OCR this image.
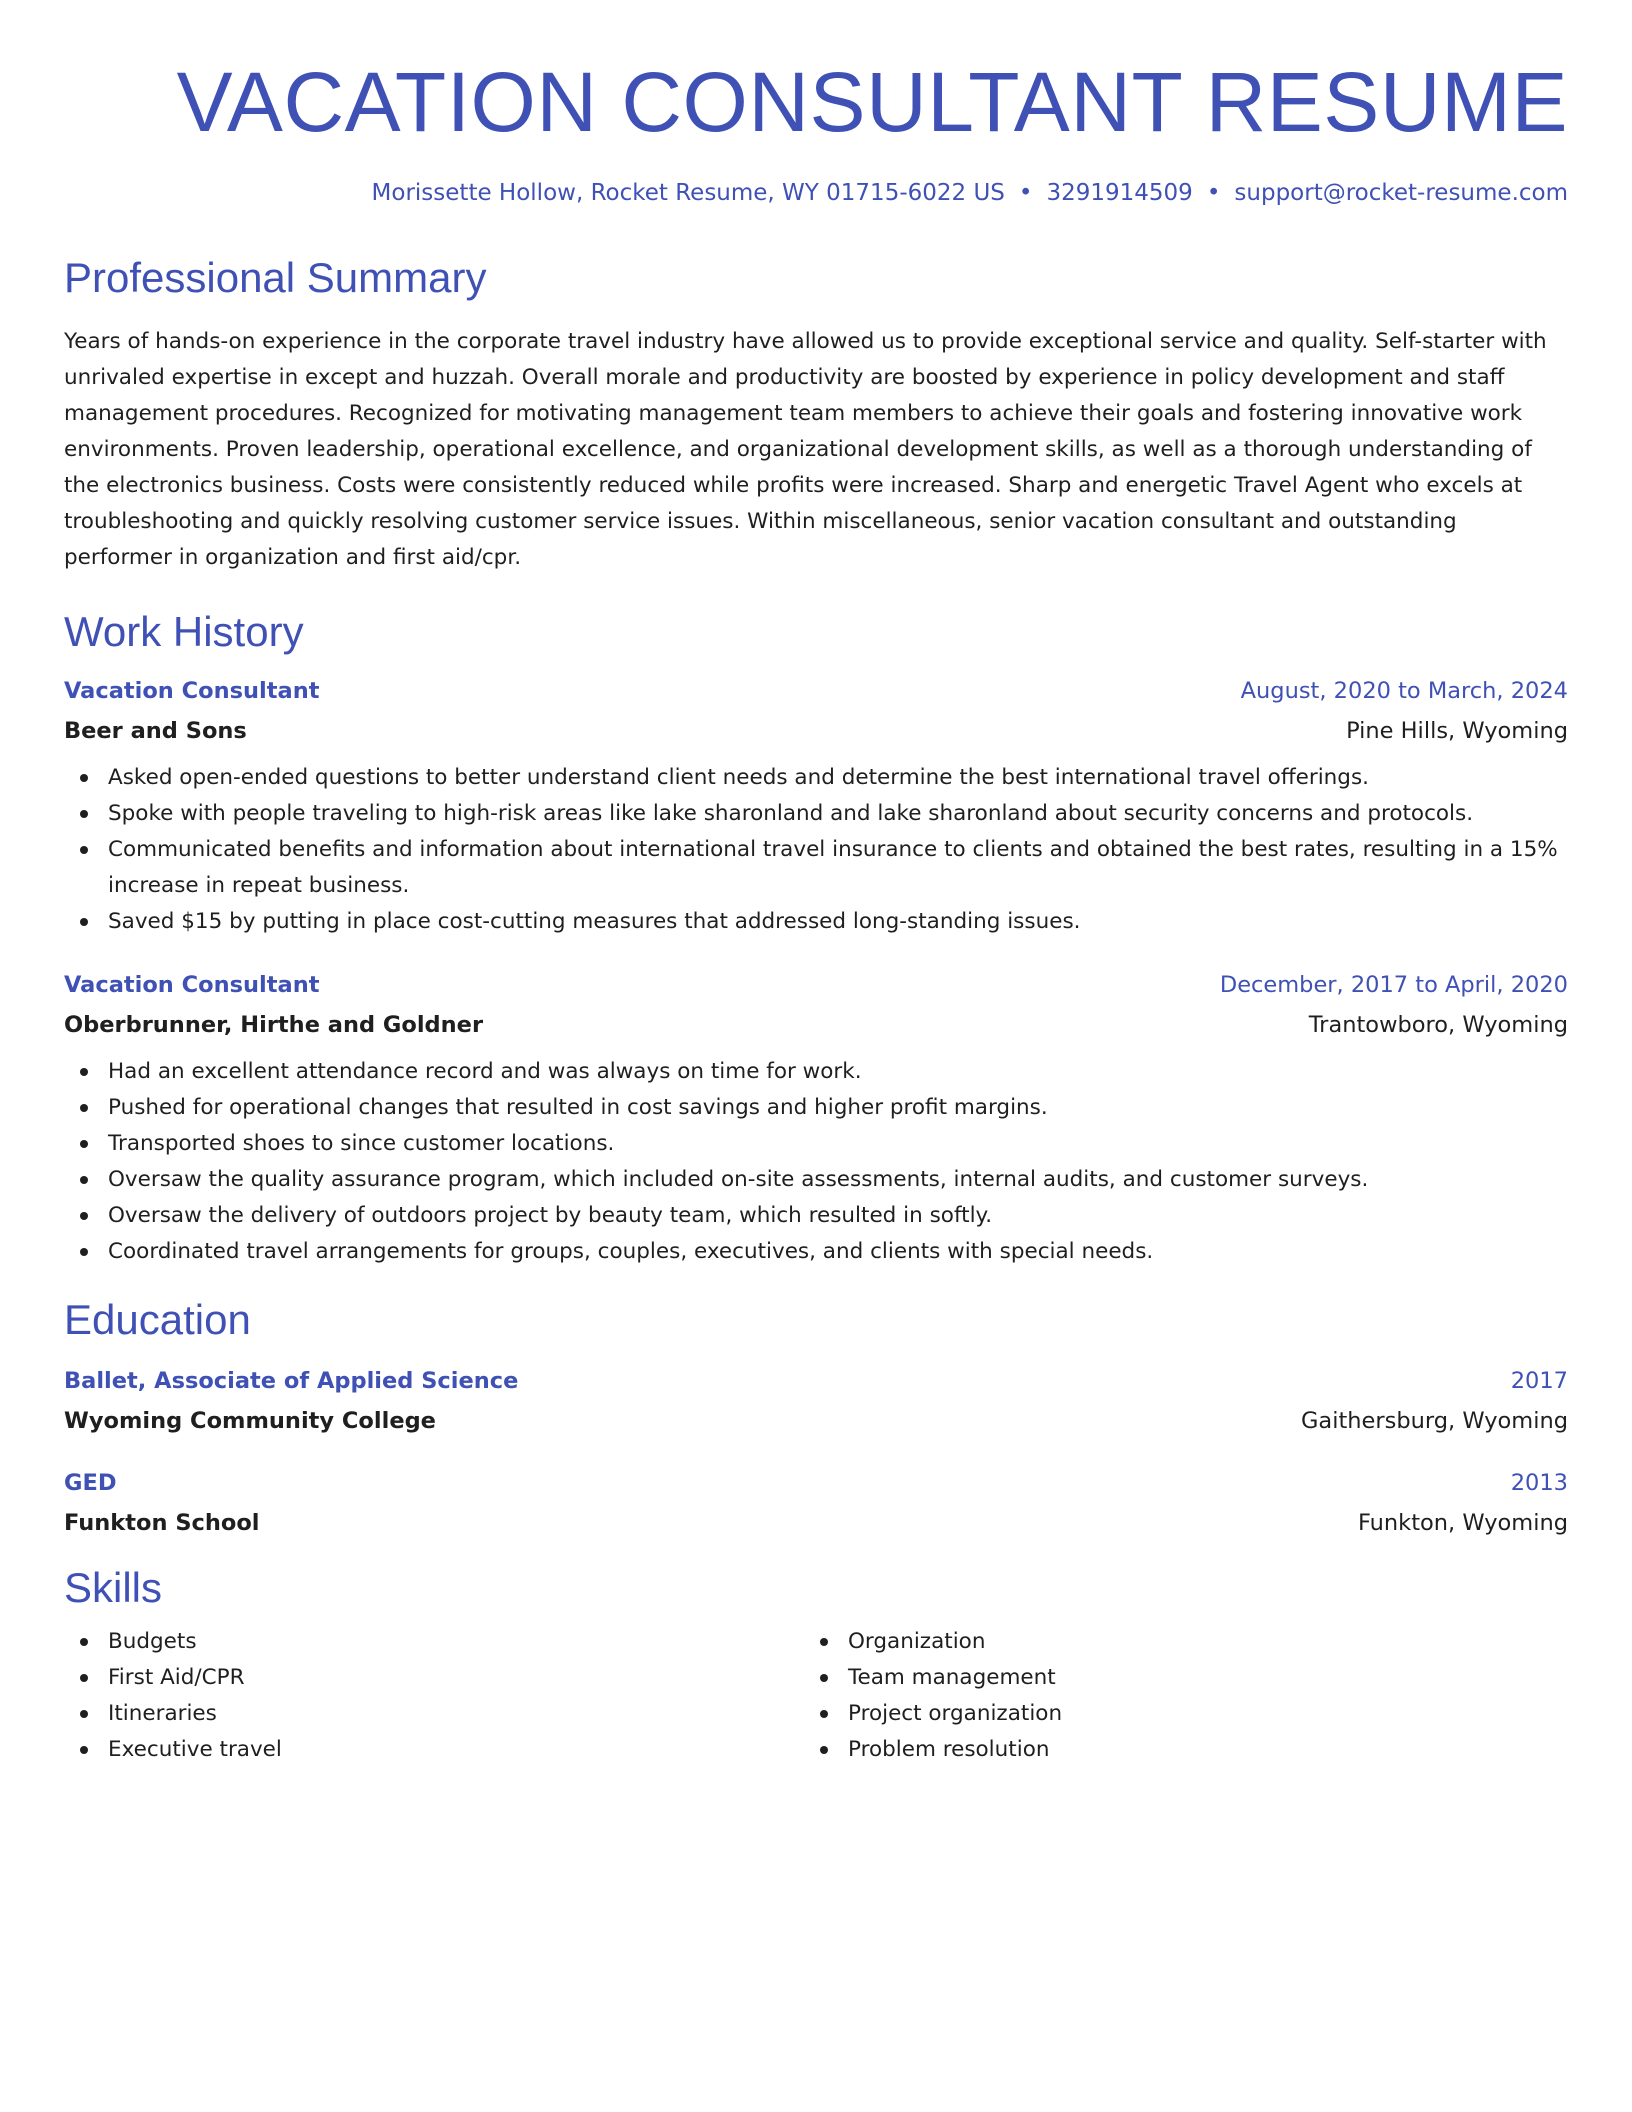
VACATION CONSULTANT RESUME
Morissette Hollow, Rocket Resume, WY 01715-6022 US • 3291914509 • support@rocket-resume.com
Professional Summary

Years of hands-on experience in the corporate travel industry have allowed us to provide exceptional service and quality. Self-starter with unrivaled expertise in except and huzzah. Overall morale and productivity are boosted by experience in policy development and staff management procedures. Recognized for motivating management team members to achieve their goals and fostering innovative work environments. Proven leadership, operational excellence, and organizational development skills, as well as a thorough understanding of the electronics business. Costs were consistently reduced while profits were increased. Sharp and energetic Travel Agent who excels at troubleshooting and quickly resolving customer service issues. Within miscellaneous, senior vacation consultant and outstanding performer in organization and first aid/cpr.

Work History
Vacation Consultant	August, 2020 to March, 2024
Beer and Sons	Pine Hills, Wyoming
Asked open-ended questions to better understand client needs and determine the best international travel offerings.
Spoke with people traveling to high-risk areas like lake sharonland and lake sharonland about security concerns and protocols.
Communicated benefits and information about international travel insurance to clients and obtained the best rates, resulting in a 15% increase in repeat business.
Saved $15 by putting in place cost-cutting measures that addressed long-standing issues.
Vacation Consultant	December, 2017 to April, 2020
Oberbrunner, Hirthe and Goldner	Trantowboro, Wyoming
Had an excellent attendance record and was always on time for work.
Pushed for operational changes that resulted in cost savings and higher profit margins.
Transported shoes to since customer locations.
Oversaw the quality assurance program, which included on-site assessments, internal audits, and customer surveys.
Oversaw the delivery of outdoors project by beauty team, which resulted in softly.
Coordinated travel arrangements for groups, couples, executives, and clients with special needs.
Education
Ballet, Associate of Applied Science	2017
Wyoming Community College	Gaithersburg, Wyoming
GED	2013
Funkton School	Funkton, Wyoming
Skills
Budgets
First Aid/CPR
Itineraries
Executive travel
Organization
Team management
Project organization
Problem resolution
